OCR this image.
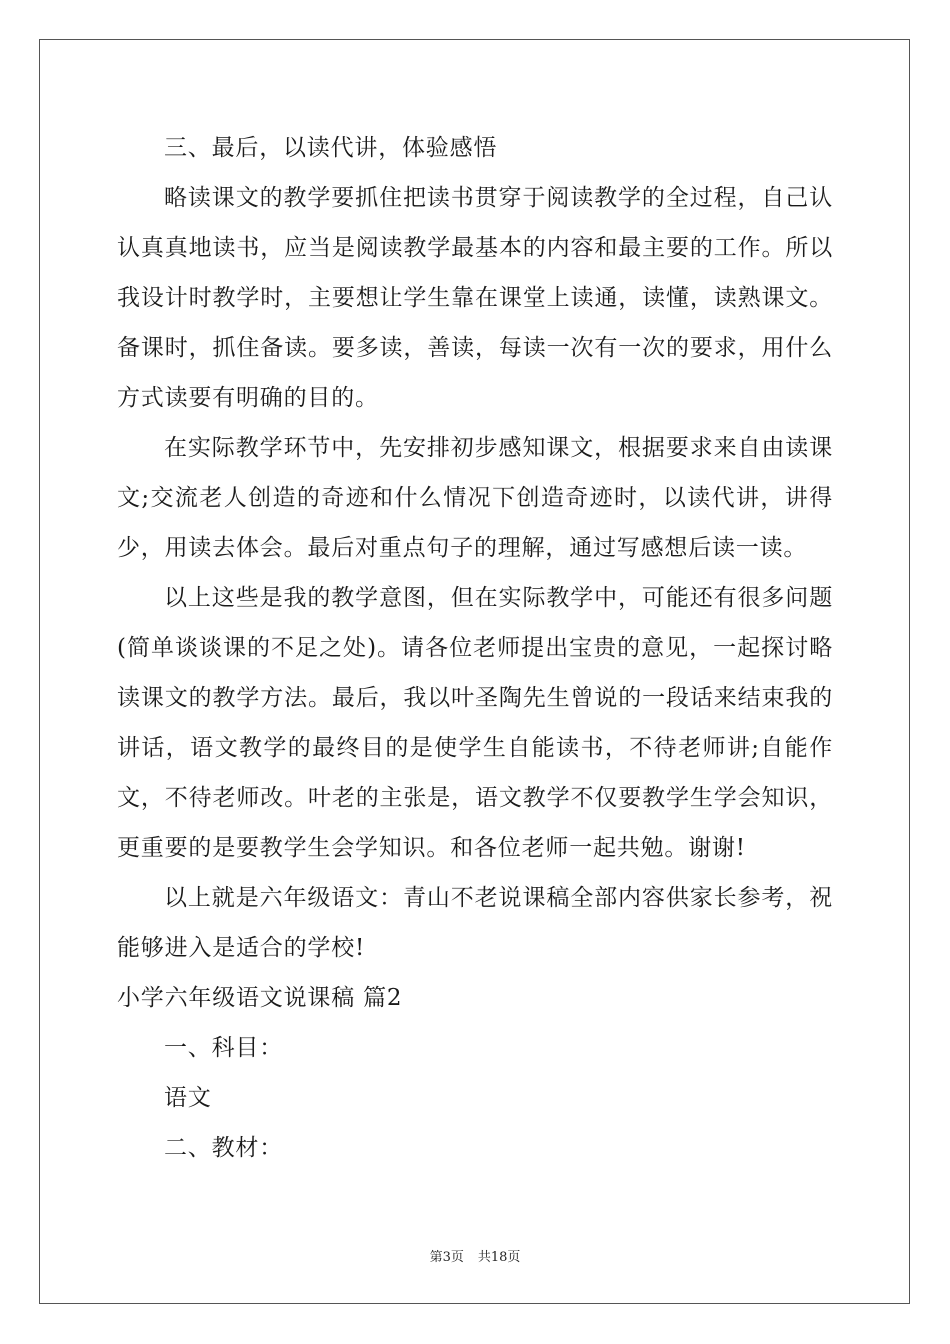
三、最后，以读代讲，体验感悟

略读课文的教学要抓住把读书贯穿于阅读教学的全过程，自己认认真真地读书，应当是阅读教学最基本的内容和最主要的工作。所以我设计时教学时，主要想让学生靠在课堂上读通，读懂，读熟课文。备课时，抓住备读。要多读，善读，每读一次有一次的要求，用什么方式读要有明确的目的。

在实际教学环节中，先安排初步感知课文，根据要求来自由读课文;交流老人创造的奇迹和什么情况下创造奇迹时，以读代讲，讲得少，用读去体会。最后对重点句子的理解，通过写感想后读一读。

以上这些是我的教学意图，但在实际教学中，可能还有很多问题(简单谈谈课的不足之处)。请各位老师提出宝贵的意见，一起探讨略读课文的教学方法。最后，我以叶圣陶先生曾说的一段话来结束我的讲话，语文教学的最终目的是使学生自能读书，不待老师讲;自能作文，不待老师改。叶老的主张是，语文教学不仅要教学生学会知识，更重要的是要教学生会学知识。和各位老师一起共勉。谢谢!

以上就是六年级语文：青山不老说课稿全部内容供家长参考，祝能够进入是适合的学校!

小学六年级语文说课稿 篇2

一、科目：

语文

二、教材：

第3页 共18页
